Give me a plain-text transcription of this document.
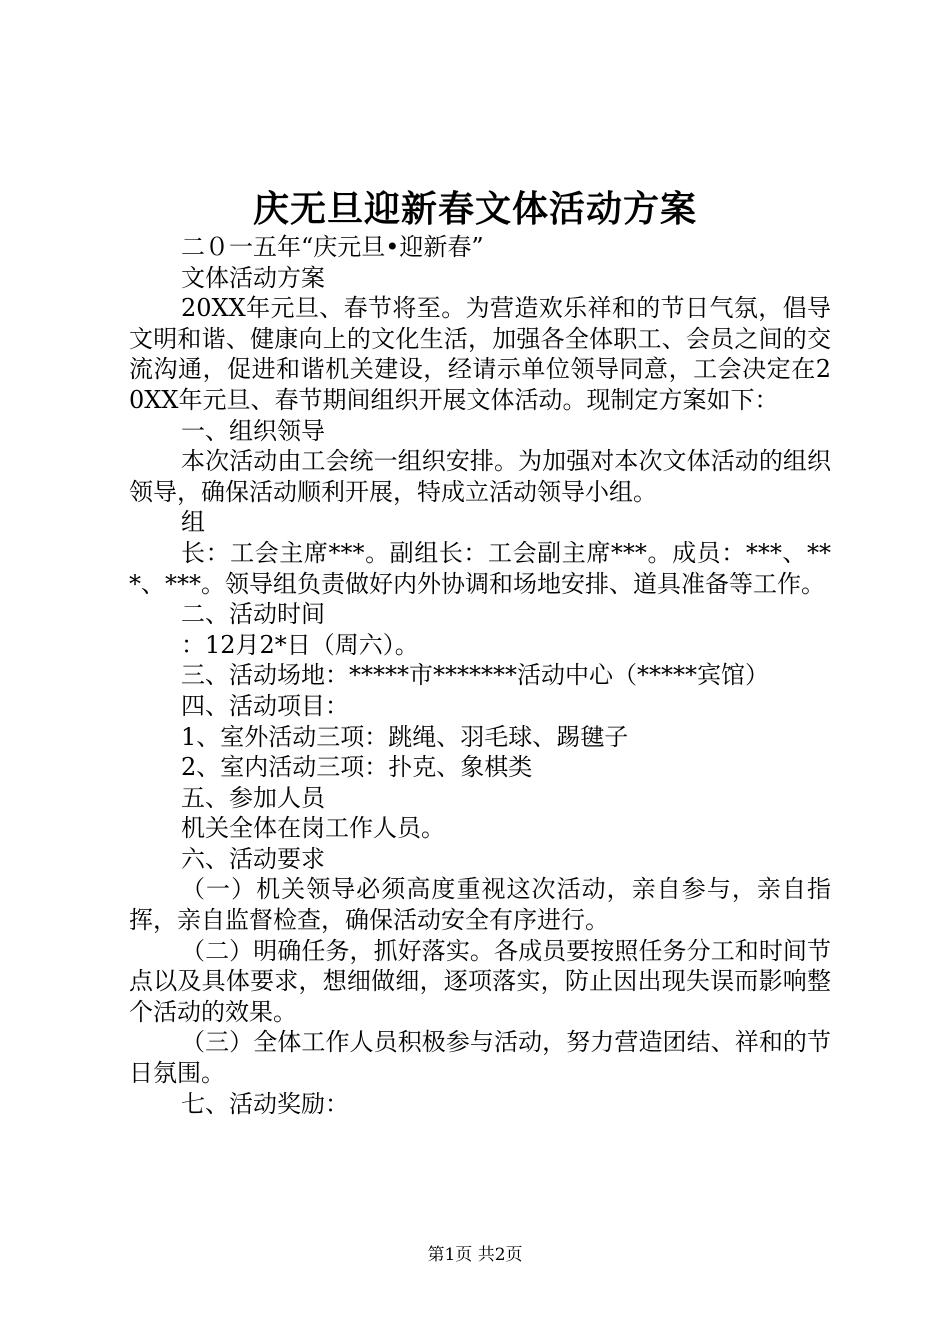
庆无旦迎新春文体活动方案

二０一五年“庆元旦•迎新春”

文体活动方案

20XX年元旦、春节将至。为营造欢乐祥和的节日气氛，倡导文明和谐、健康向上的文化生活，加强各全体职工、会员之间的交流沟通，促进和谐机关建设，经请示单位领导同意，工会决定在20XX年元旦、春节期间组织开展文体活动。现制定方案如下：

一、组织领导

本次活动由工会统一组织安排。为加强对本次文体活动的组织领导，确保活动顺利开展，特成立活动领导小组。

组

长：工会主席***。副组长：工会副主席***。成员：***、***、***。领导组负责做好内外协调和场地安排、道具准备等工作。

二、活动时间

：12月2*日（周六）。

三、活动场地：*****市*******活动中心（*****宾馆）

四、活动项目：

1、室外活动三项：跳绳、羽毛球、踢毽子

2、室内活动三项：扑克、象棋类

五、参加人员

机关全体在岗工作人员。

六、活动要求

（一）机关领导必须高度重视这次活动，亲自参与，亲自指挥，亲自监督检查，确保活动安全有序进行。

（二）明确任务，抓好落实。各成员要按照任务分工和时间节点以及具体要求，想细做细，逐项落实，防止因出现失误而影响整个活动的效果。

（三）全体工作人员积极参与活动，努力营造团结、祥和的节日氛围。

七、活动奖励：

第1页 共2页
